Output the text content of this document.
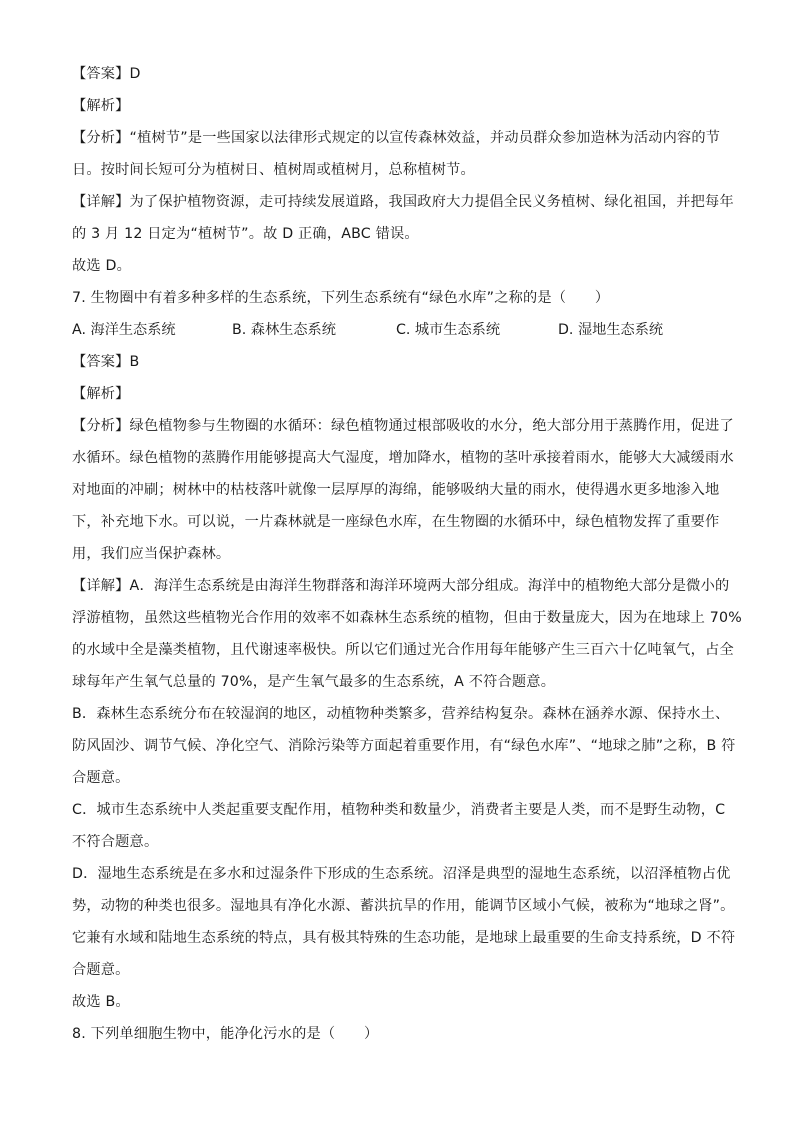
【答案】D
【解析】
【分析】“植树节”是一些国家以法律形式规定的以宣传森林效益，并动员群众参加造林为活动内容的节
日。按时间长短可分为植树日、植树周或植树月，总称植树节。
【详解】为了保护植物资源，走可持续发展道路，我国政府大力提倡全民义务植树、绿化祖国，并把每年
的 3 月 12 日定为“植树节”。故 D 正确，ABC 错误。
故选 D。
7. 生物圈中有着多种多样的生态系统，下列生态系统有“绿色水库”之称的是（　　）
A. 海洋生态系统	B. 森林生态系统	C. 城市生态系统	D. 湿地生态系统
【答案】B
【解析】
【分析】绿色植物参与生物圈的水循环：绿色植物通过根部吸收的水分，绝大部分用于蒸腾作用，促进了
水循环。绿色植物的蒸腾作用能够提高大气湿度，增加降水，植物的茎叶承接着雨水，能够大大减缓雨水
对地面的冲刷；树林中的枯枝落叶就像一层厚厚的海绵，能够吸纳大量的雨水，使得遇水更多地渗入地
下，补充地下水。可以说，一片森林就是一座绿色水库，在生物圈的水循环中，绿色植物发挥了重要作
用，我们应当保护森林。
【详解】A．海洋生态系统是由海洋生物群落和海洋环境两大部分组成。海洋中的植物绝大部分是微小的
浮游植物，虽然这些植物光合作用的效率不如森林生态系统的植物，但由于数量庞大，因为在地球上 70%
的水域中全是藻类植物，且代谢速率极快。所以它们通过光合作用每年能够产生三百六十亿吨氧气，占全
球每年产生氧气总量的 70%，是产生氧气最多的生态系统，A 不符合题意。
B．森林生态系统分布在较湿润的地区，动植物种类繁多，营养结构复杂。森林在涵养水源、保持水土、
防风固沙、调节气候、净化空气、消除污染等方面起着重要作用，有“绿色水库”、“地球之肺”之称，B 符
合题意。
C．城市生态系统中人类起重要支配作用，植物种类和数量少，消费者主要是人类，而不是野生动物，C
不符合题意。
D．湿地生态系统是在多水和过湿条件下形成的生态系统。沼泽是典型的湿地生态系统，以沼泽植物占优
势，动物的种类也很多。湿地具有净化水源、蓄洪抗旱的作用，能调节区域小气候，被称为“地球之肾”。
它兼有水域和陆地生态系统的特点，具有极其特殊的生态功能，是地球上最重要的生命支持系统，D 不符
合题意。
故选 B。
8. 下列单细胞生物中，能净化污水的是（　　）
